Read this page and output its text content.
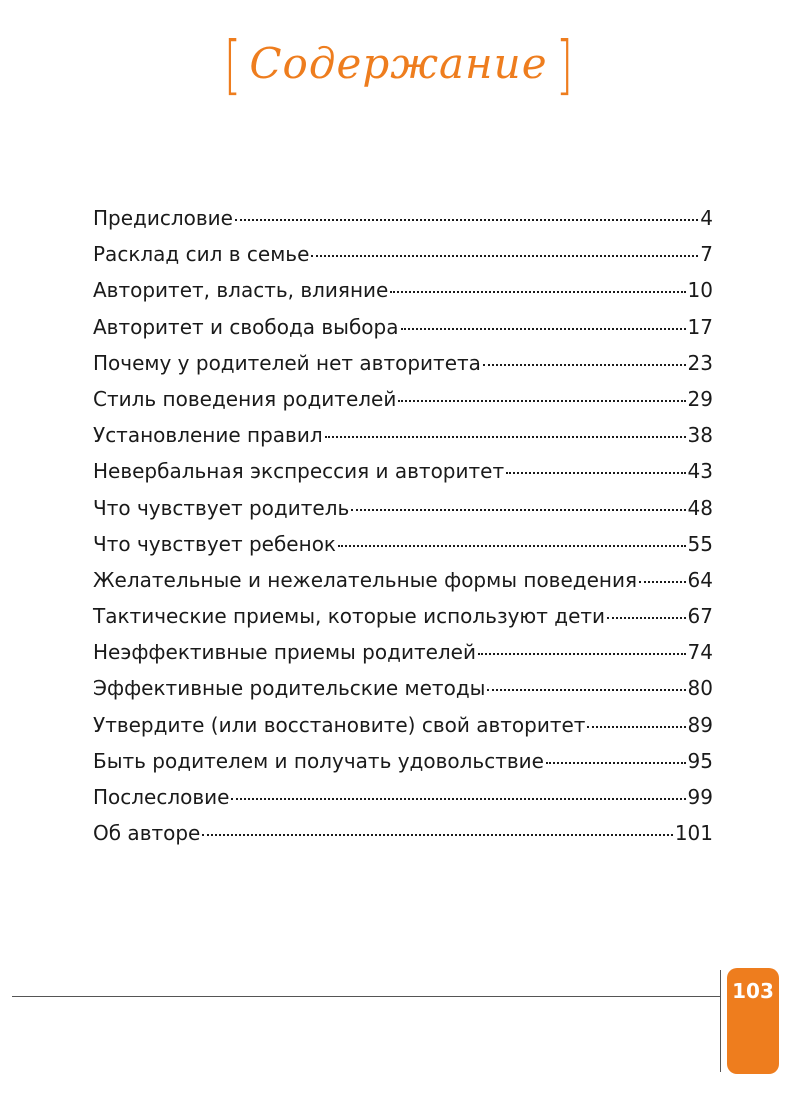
[ Содержание ]
Предисловие	4
Расклад сил в семье	7
Авторитет, власть, влияние	10
Авторитет и свобода выбора	17
Почему у родителей нет авторитета	23
Стиль поведения родителей	29
Установление правил	38
Невербальная экспрессия и авторитет	43
Что чувствует родитель	48
Что чувствует ребенок	55
Желательные и нежелательные формы поведения	64
Тактические приемы, которые используют дети	67
Неэффективные приемы родителей	74
Эффективные родительские методы	80
Утвердите (или восстановите) свой авторитет	89
Быть родителем и получать удовольствие	95
Послесловие	99
Об авторе	101
103
